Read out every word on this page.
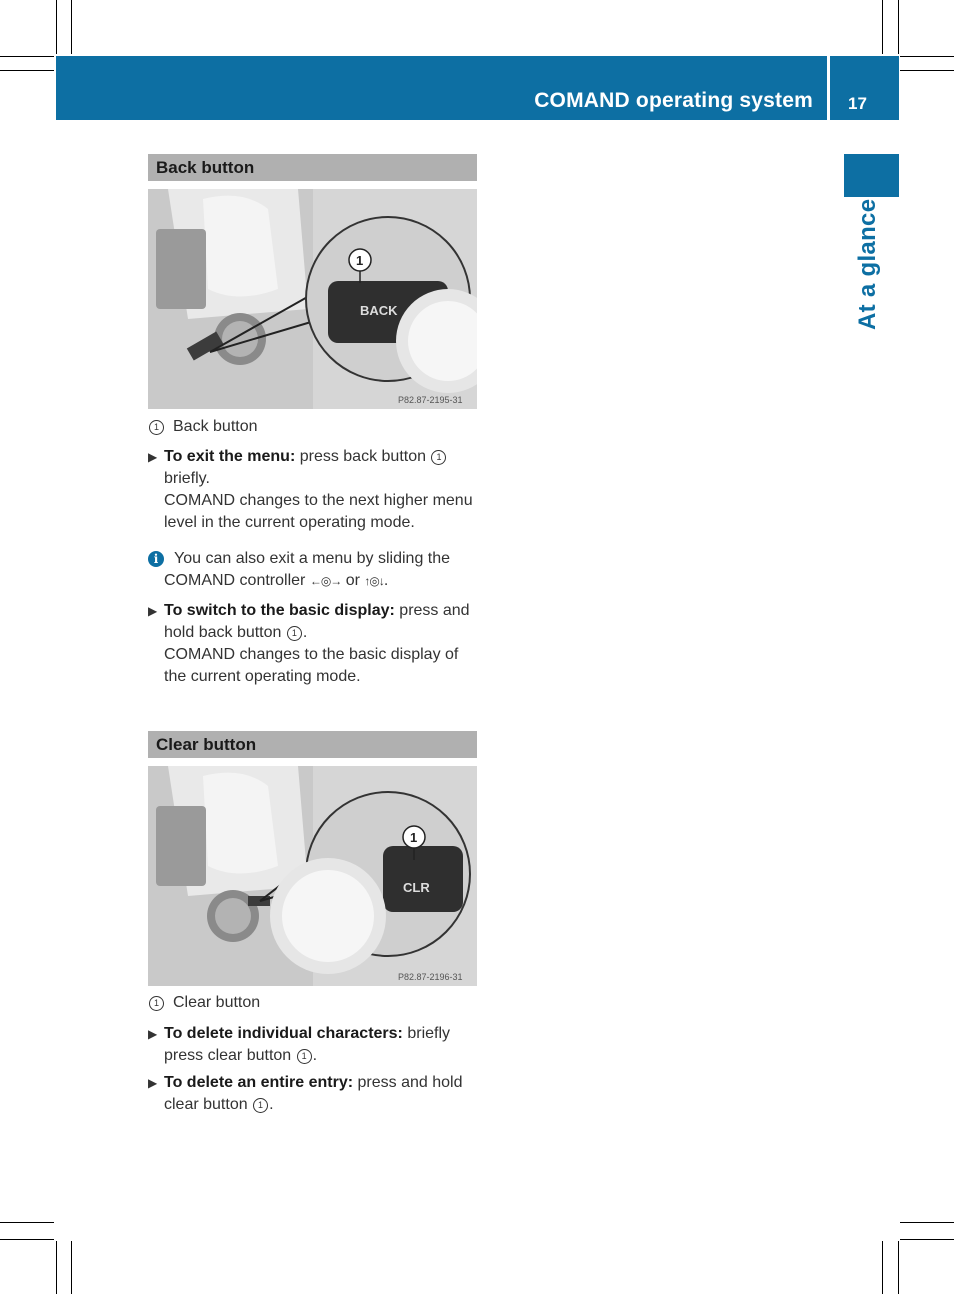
COMAND operating system 17
At a glance
Back button
BACK
1
P82.87-2195-31
1 Back button
▶ To exit the menu: press back button 1 briefly.
COMAND changes to the next higher menu level in the current operating mode.
i You can also exit a menu by sliding the COMAND controller ←◎→ or ↑◎↓.
▶ To switch to the basic display: press and hold back button 1 .
COMAND changes to the basic display of the current operating mode.
Clear button
CLR
1
P82.87-2196-31
1 Clear button
▶ To delete individual characters: briefly press clear button 1 .
▶ To delete an entire entry: press and hold clear button 1 .
